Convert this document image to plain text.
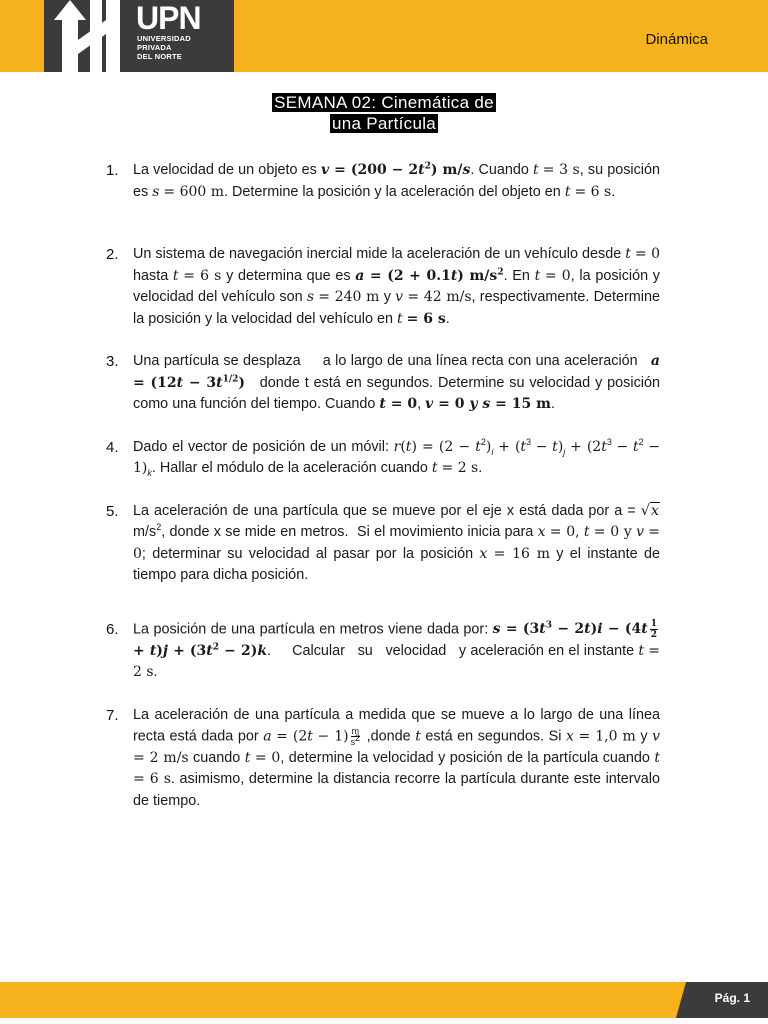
UPN
UNIVERSIDAD
PRIVADA
DEL NORTE
Dinámica
SEMANA 02: Cinemática de
una Partícula
1. La velocidad de un objeto es $v = (200 - 2t^2)$ m/s. Cuando t = 3 s, su posición es s = 600 m. Determine la posición y la aceleración del objeto en t = 6 s.
2. Un sistema de navegación inercial mide la aceleración de un vehículo desde t = 0 hasta t = 6 s y determina que es a = (2 + 0.1t) $m/s^2$. En t = 0, la posición y velocidad del vehículo son s = 240 m y v = 42 m/s, respectivamente. Determine la posición y la velocidad del vehículo en t = 6 s.
3. Una partícula se desplaza     a lo largo de una línea recta con una aceleración   $a = (12t - 3t^{1/2})$   donde t está en segundos. Determine su velocidad y posición como una función del tiempo. Cuando t = 0, v = 0 y s = 15 m.
4. Dado el vector de posición de un móvil: $r(t) = (2 - t^2)_i + (t^3 - t)_j + (2t^3 - t^2 - 1)_k$. Hallar el módulo de la aceleración cuando t = 2 s.
5. La aceleración de una partícula que se mueve por el eje x está dada por a = √x $m/s^2$, donde x se mide en metros.  Si el movimiento inicia para x = 0, t = 0 y v = 0; determinar su velocidad al pasar por la posición x = 16 m y el instante de tiempo para dicha posición.
6. La posición de una partícula en metros viene dada por: $s = (3t^3 - 2t)i - (4t \frac{1}{2}$
+ $t)j + (3t^2 - 2)k$.     Calcular   su   velocidad   y aceleración en el instante t = 2 s.
7. La aceleración de una partícula a medida que se mueve a lo largo de una línea recta está dada por $a = (2t - 1) \frac{m}{s^2}$ ,donde t está en segundos. Si x = 1,0 m y v = 2 m/s cuando t = 0, determine la velocidad y posición de la partícula cuando t = 6 s. asimismo, determine la distancia recorre la partícula durante este intervalo de tiempo.
Pág. 1
